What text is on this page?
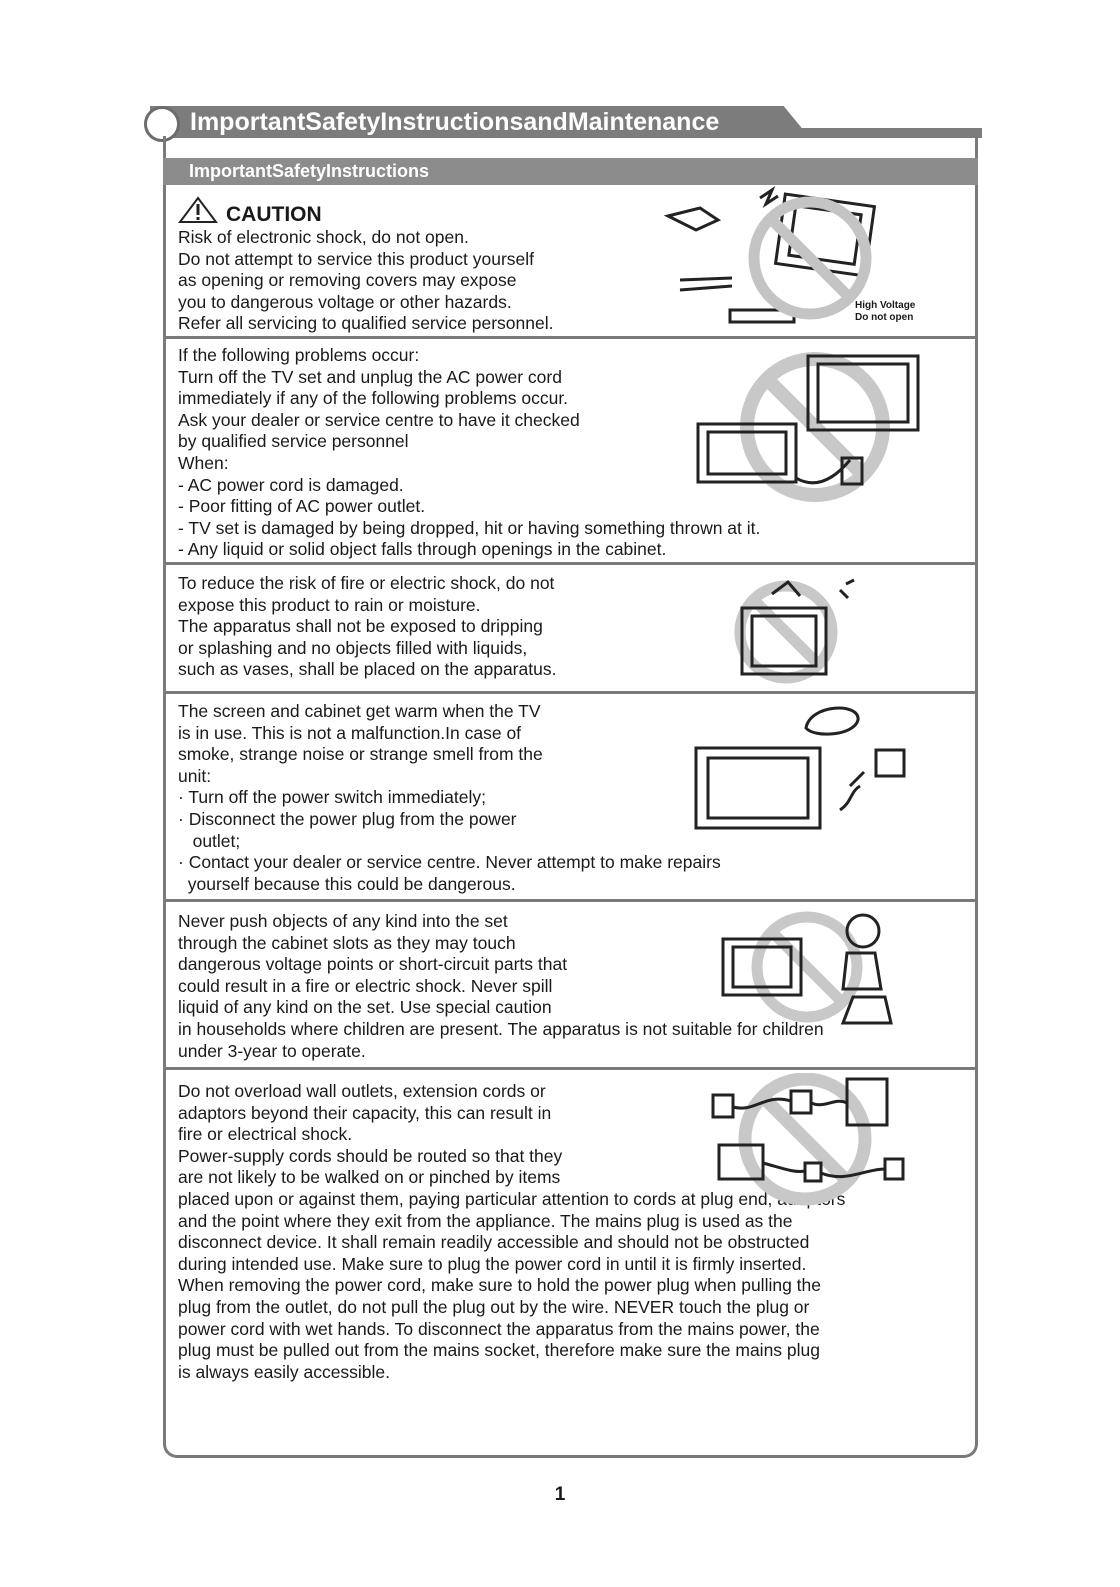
ImportantSafetyInstructionsandMaintenance
ImportantSafetyInstructions
CAUTION
Risk of electronic shock, do not open.
Do not attempt to service this product yourself
as opening or removing covers may expose
you to dangerous voltage or other hazards.
Refer all servicing to qualified service personnel.
High Voltage
Do not open
If the following problems occur:
Turn off the TV set and unplug the AC power cord
immediately if any of the following problems occur.
Ask your dealer or service centre to have it checked
by qualified service personnel
When:
- AC power cord is damaged.
- Poor fitting of AC power outlet.
- TV set is damaged by being dropped, hit or having something thrown at it.
- Any liquid or solid object falls through openings in the cabinet.
To reduce the risk of fire or electric shock, do not
expose this product to rain or moisture.
The apparatus shall not be exposed to dripping
or splashing and no objects filled with liquids,
such as vases, shall be placed on the apparatus.
The screen and cabinet get warm when the TV
is in use. This is not a malfunction.In case of
smoke, strange noise or strange smell from the
unit:
· Turn off the power switch immediately;
· Disconnect the power plug from the power
outlet;
· Contact your dealer or service centre. Never attempt to make repairs
yourself because this could be dangerous.
Never push objects of any kind into the set
through the cabinet slots as they may touch
dangerous voltage points or short-circuit parts that
could result in a fire or electric shock. Never spill
liquid of any kind on the set. Use special caution
in households where children are present. The apparatus is not suitable for children
under 3-year to operate.
Do not overload wall outlets, extension cords or
adaptors beyond their capacity, this can result in
fire or electrical shock.
Power-supply cords should be routed so that they
are not likely to be walked on or pinched by items
placed upon or against them, paying particular attention to cords at plug end, adaptors
and the point where they exit from the appliance. The mains plug is used as the
disconnect device. It shall remain readily accessible and should not be obstructed
during intended use. Make sure to plug the power cord in until it is firmly inserted.
When removing the power cord, make sure to hold the power plug when pulling the
plug from the outlet, do not pull the plug out by the wire. NEVER touch the plug or
power cord with wet hands. To disconnect the apparatus from the mains power, the
plug must be pulled out from the mains socket, therefore make sure the mains plug
is always easily accessible.
1
